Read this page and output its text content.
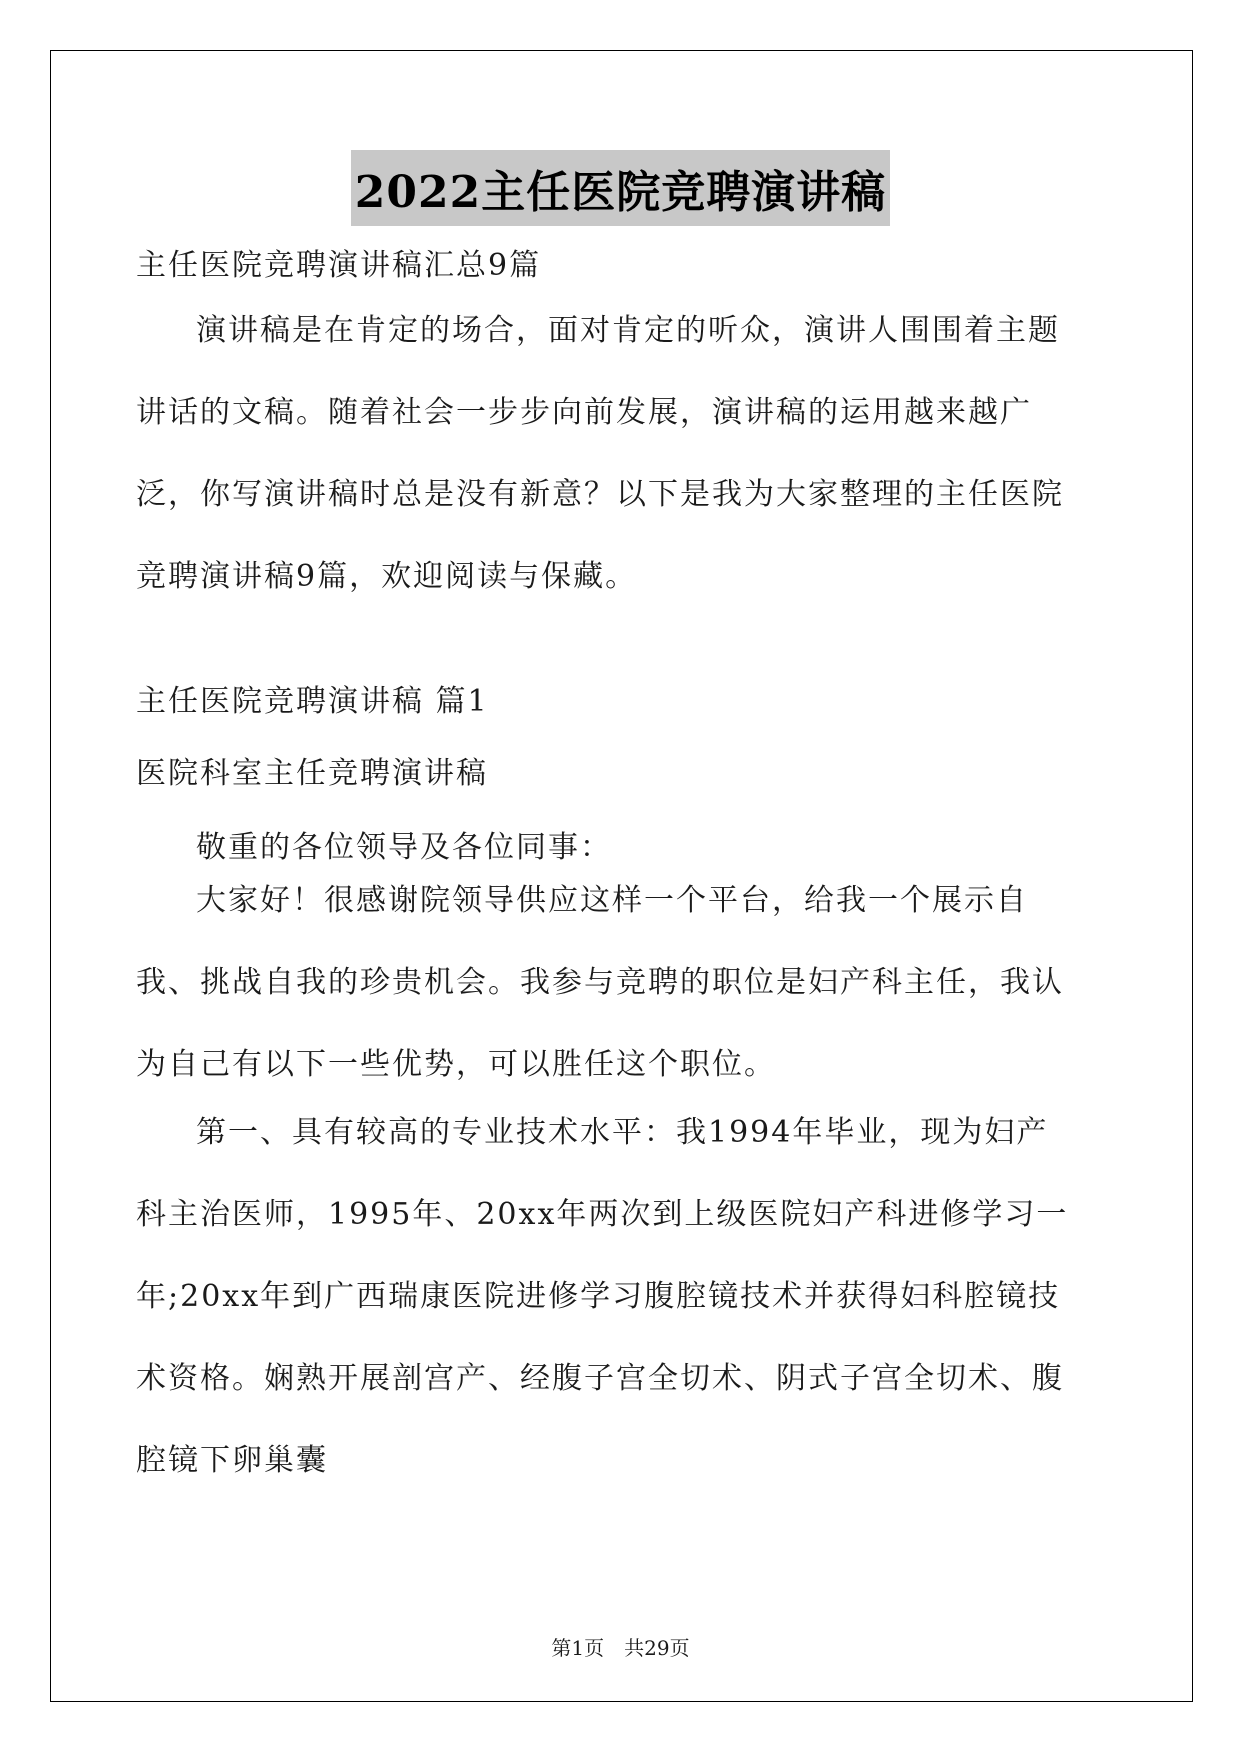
2022主任医院竞聘演讲稿
主任医院竞聘演讲稿汇总9篇
演讲稿是在肯定的场合，面对肯定的听众，演讲人围围着主题讲话的文稿。随着社会一步步向前发展，演讲稿的运用越来越广泛，你写演讲稿时总是没有新意？以下是我为大家整理的主任医院竞聘演讲稿9篇，欢迎阅读与保藏。
主任医院竞聘演讲稿 篇1
医院科室主任竞聘演讲稿
敬重的各位领导及各位同事：
大家好！很感谢院领导供应这样一个平台，给我一个展示自我、挑战自我的珍贵机会。我参与竞聘的职位是妇产科主任，我认为自己有以下一些优势，可以胜任这个职位。
第一、具有较高的专业技术水平：我1994年毕业，现为妇产科主治医师，1995年、20xx年两次到上级医院妇产科进修学习一年;20xx年到广西瑞康医院进修学习腹腔镜技术并获得妇科腔镜技术资格。娴熟开展剖宫产、经腹子宫全切术、阴式子宫全切术、腹腔镜下卵巢囊
第1页　共29页
